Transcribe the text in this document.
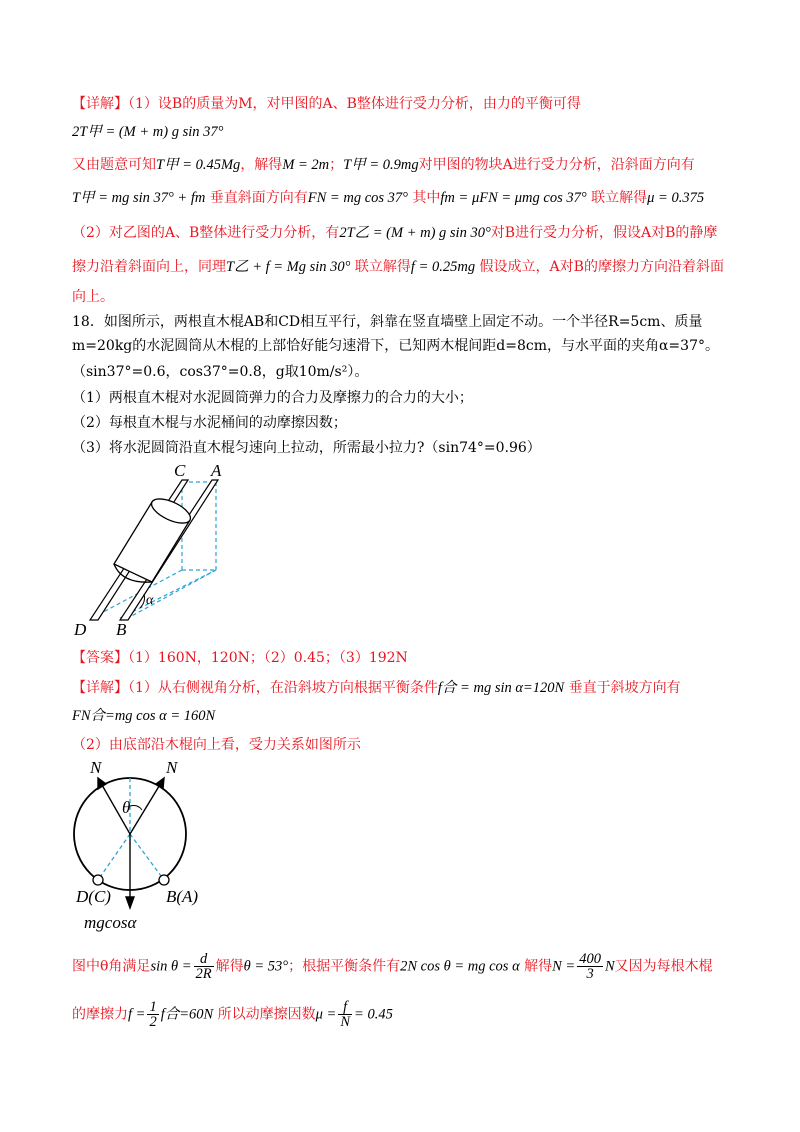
【详解】（1）设B的质量为M，对甲图的A、B整体进行受力分析，由力的平衡可得
2T甲 = (M + m) g sin 37°
又由题意可知T甲 = 0.45Mg，解得M = 2m；T甲 = 0.9mg对甲图的物块A进行受力分析，沿斜面方向有
T甲 = mg sin 37° + fm 垂直斜面方向有FN = mg cos 37° 其中fm = μFN = μmg cos 37° 联立解得μ = 0.375
（2）对乙图的A、B整体进行受力分析，有2T乙 = (M + m) g sin 30°对B进行受力分析，假设A对B的静摩
擦力沿着斜面向上，同理T乙 + f = Mg sin 30° 联立解得f = 0.25mg 假设成立，A对B的摩擦力方向沿着斜面
向上。
18．如图所示，两根直木棍AB和CD相互平行，斜靠在竖直墙壁上固定不动。一个半径R=5cm、质量
m=20kg的水泥圆筒从木棍的上部恰好能匀速滑下，已知两木棍间距d=8cm，与水平面的夹角α=37°。
（sin37°=0.6，cos37°=0.8，g取10m/s²）。
（1）两根直木棍对水泥圆筒弹力的合力及摩擦力的合力的大小；
（2）每根直木棍与水泥桶间的动摩擦因数；
（3）将水泥圆筒沿直木棍匀速向上拉动，所需最小拉力?（sin74°=0.96）
C A
D B
α
【答案】（1）160N，120N；（2）0.45；（3）192N
【详解】（1）从右侧视角分析，在沿斜坡方向根据平衡条件f合 = mg sin α=120N 垂直于斜坡方向有
FN合=mg cos α = 160N
（2）由底部沿木棍向上看，受力关系如图所示
N	N
θ
D(C)	B(A)
mgcosα
图中θ角满足$\sin \theta = \frac{d}{2R}$ 解得θ = 53°；根据平衡条件有2N cos θ = mg cos α 解得$N = \frac{400}{3}$ N又因为每根木棍
的摩擦力$f = \frac{1}{2}$ f合=60N 所以动摩擦因数$\mu = \frac{f}{N} = 0.45$
